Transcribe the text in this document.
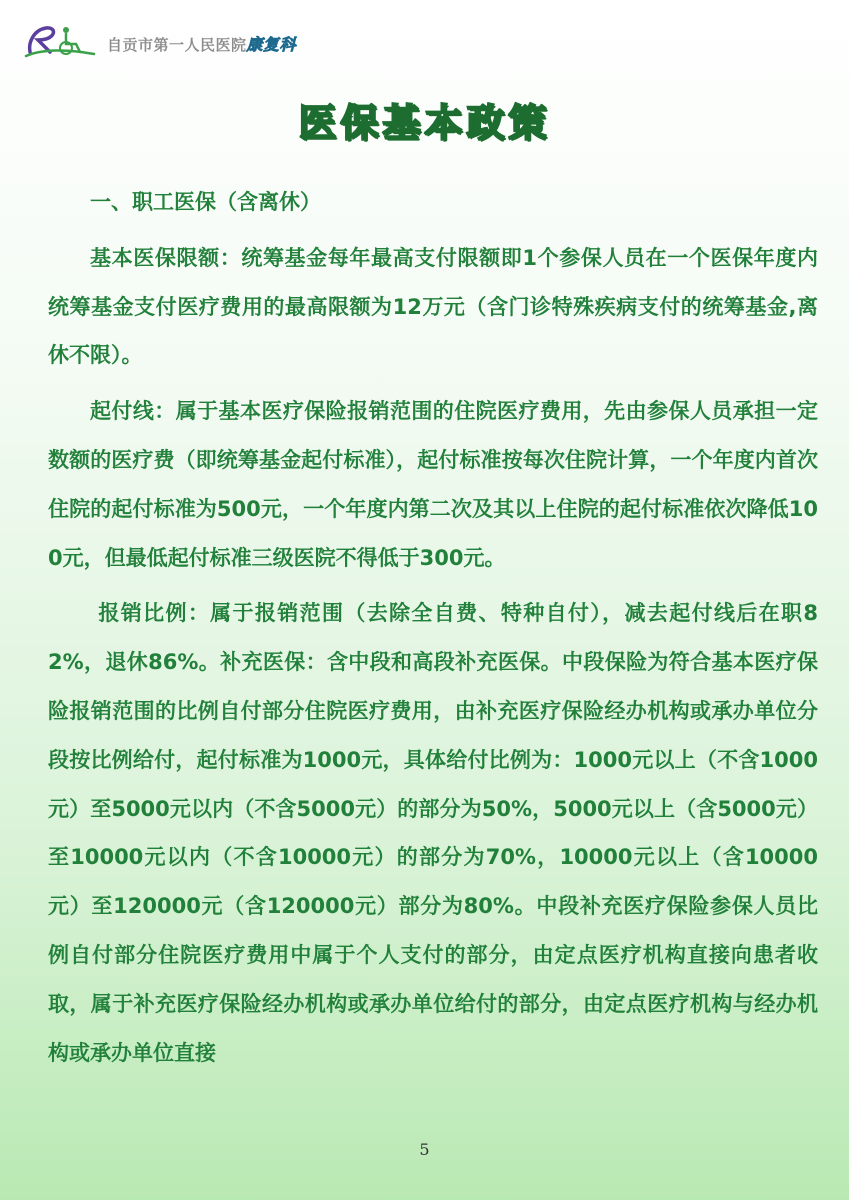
自贡市第一人民医院康复科
医保基本政策

一、职工医保（含离休）

基本医保限额：统筹基金每年最高支付限额即1个参保人员在一个医保年度内统筹基金支付医疗费用的最高限额为12万元（含门诊特殊疾病支付的统筹基金,离休不限）。

起付线：属于基本医疗保险报销范围的住院医疗费用，先由参保人员承担一定数额的医疗费（即统筹基金起付标准），起付标准按每次住院计算，一个年度内首次住院的起付标准为500元，一个年度内第二次及其以上住院的起付标准依次降低100元，但最低起付标准三级医院不得低于300元。

报销比例：属于报销范围（去除全自费、特种自付），减去起付线后在职82%，退休86%。补充医保：含中段和高段补充医保。中段保险为符合基本医疗保险报销范围的比例自付部分住院医疗费用，由补充医疗保险经办机构或承办单位分段按比例给付，起付标准为1000元，具体给付比例为：1000元以上（不含1000元）至5000元以内（不含5000元）的部分为50%，5000元以上（含5000元）至10000元以内（不含10000元）的部分为70%，10000元以上（含10000元）至120000元（含120000元）部分为80%。中段补充医疗保险参保人员比例自付部分住院医疗费用中属于个人支付的部分，由定点医疗机构直接向患者收取，属于补充医疗保险经办机构或承办单位给付的部分，由定点医疗机构与经办机构或承办单位直接

5
